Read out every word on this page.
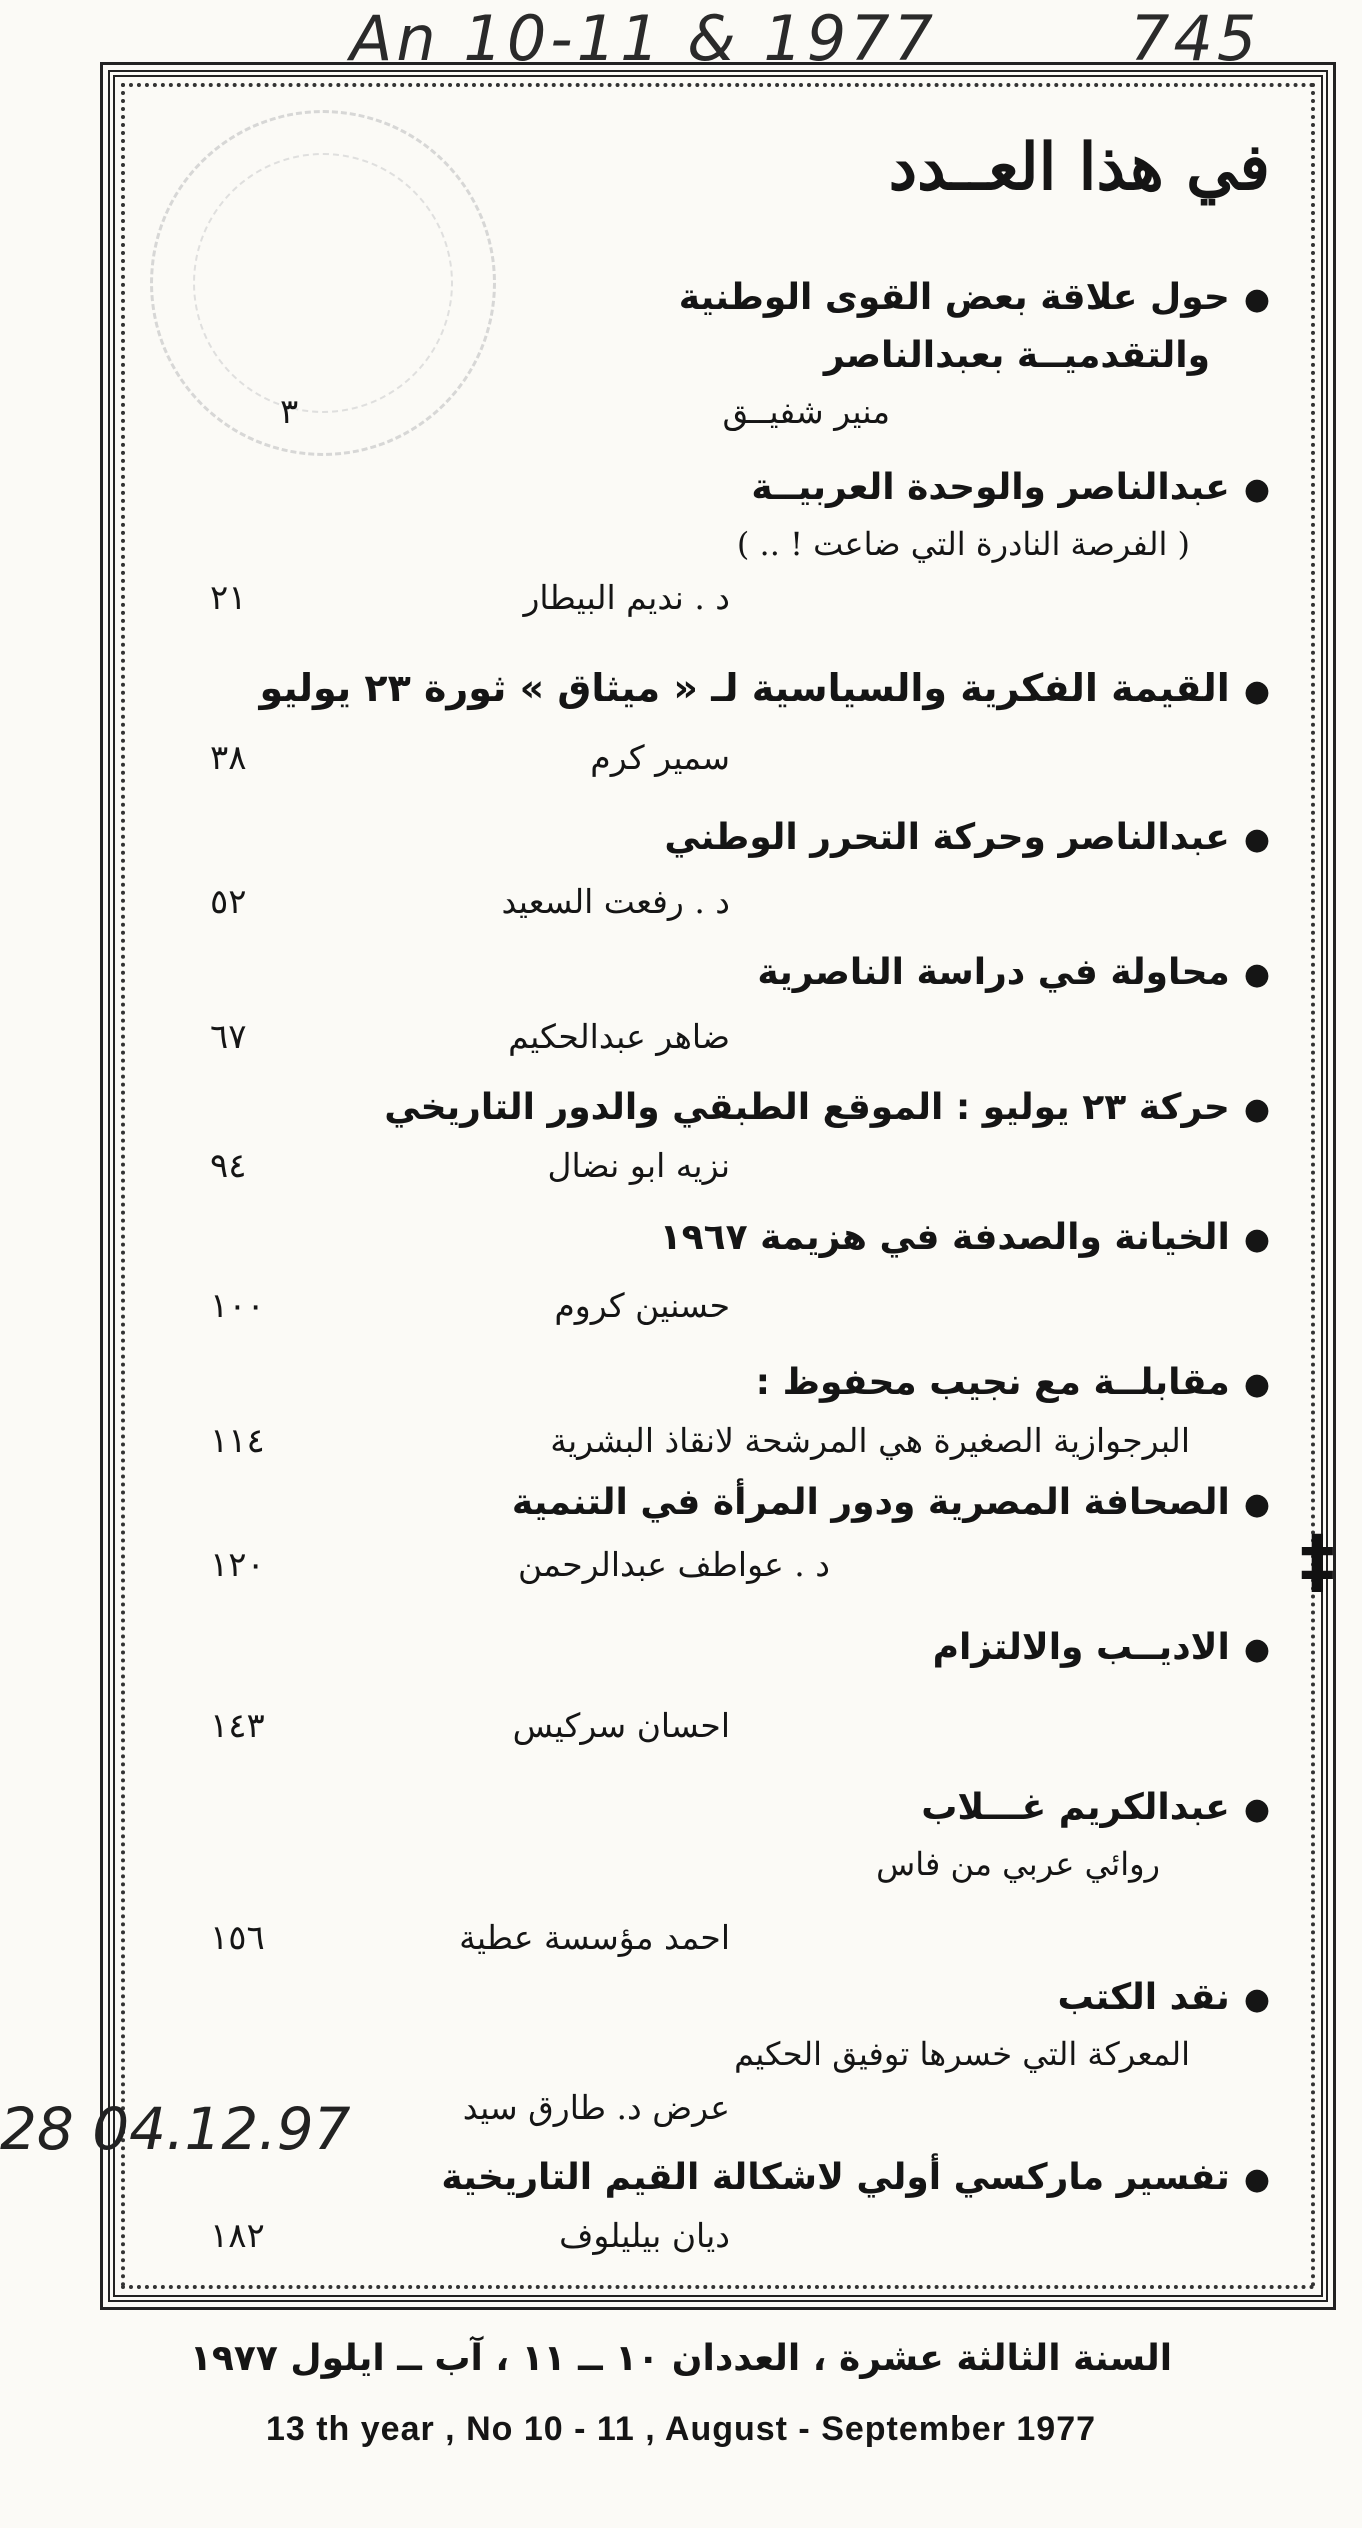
An 10-11 & 1977	745
في هذا العــدد
●حول علاقة بعض القوى الوطنية
والتقدميــة بعبدالناصر
منير شفيــق
٣
●عبدالناصر والوحدة العربيــة
( الفرصة النادرة التي ضاعت ! .. )
د . نديم البيطار
٢١
●القيمة الفكرية والسياسية لـ « ميثاق » ثورة ٢٣ يوليو
سمير كرم
٣٨
●عبدالناصر وحركة التحرر الوطني
د . رفعت السعيد
٥٢
●محاولة في دراسة الناصرية
ضاهر عبدالحكيم
٦٧
●حركة ٢٣ يوليو : الموقع الطبقي والدور التاريخي
نزيه ابو نضال
٩٤
●الخيانة والصدفة في هزيمة ١٩٦٧
حسنين كروم
١٠٠
●مقابلــة مع نجيب محفوظ :
البرجوازية الصغيرة هي المرشحة لانقاذ البشرية
١١٤
●الصحافة المصرية ودور المرأة في التنمية
د . عواطف عبدالرحمن
١٢٠
●الاديــب والالتزام
احسان سركيس
١٤٣
●عبدالكريم غـــلاب
روائي عربي من فاس
احمد مؤسسة عطية
١٥٦
●نقد الكتب
المعركة التي خسرها توفيق الحكيم
عرض د. طارق سيد
●تفسير ماركسي أولي لاشكالة القيم التاريخية
ديان بيليلوف
١٨٢
28 04.12.97
‡
السنة الثالثة عشرة ، العددان ١٠ ــ ١١ ، آب ــ ايلول ١٩٧٧
13 th year , No 10 - 11 , August - September 1977
